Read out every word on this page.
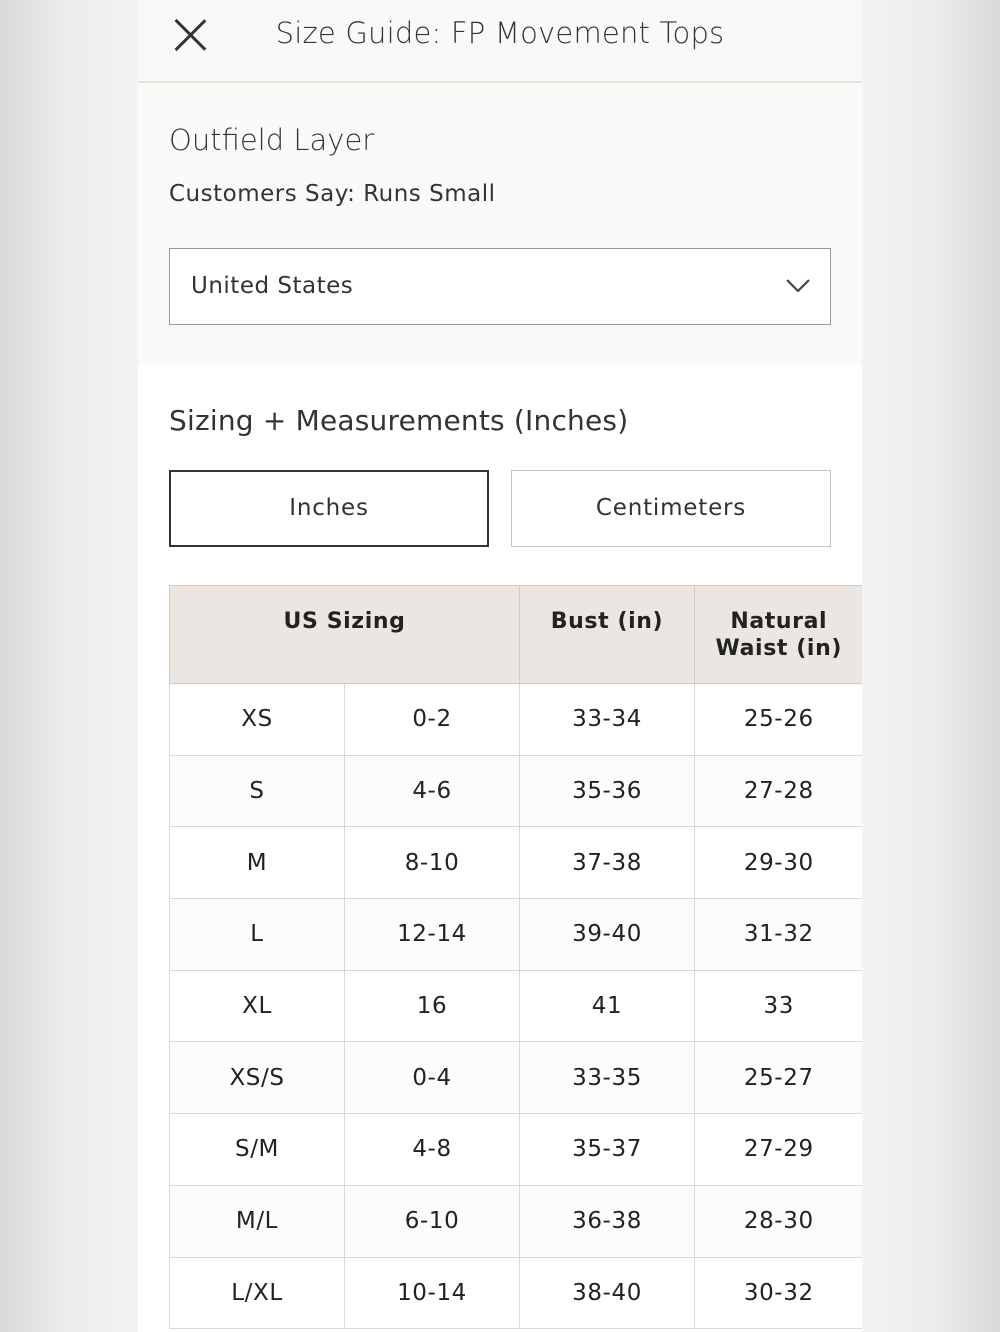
Size Guide: FP Movement Tops
Outfield Layer
Customers Say: Runs Small
United States
Sizing + Measurements (Inches)
Inches	Centimeters
US Sizing		Bust (in)	Natural
Waist (in)
XS	0-2	33-34	25-26
S	4-6	35-36	27-28
M	8-10	37-38	29-30
L	12-14	39-40	31-32
XL	16	41	33
XS/S	0-4	33-35	25-27
S/M	4-8	35-37	27-29
M/L	6-10	36-38	28-30
L/XL	10-14	38-40	30-32
